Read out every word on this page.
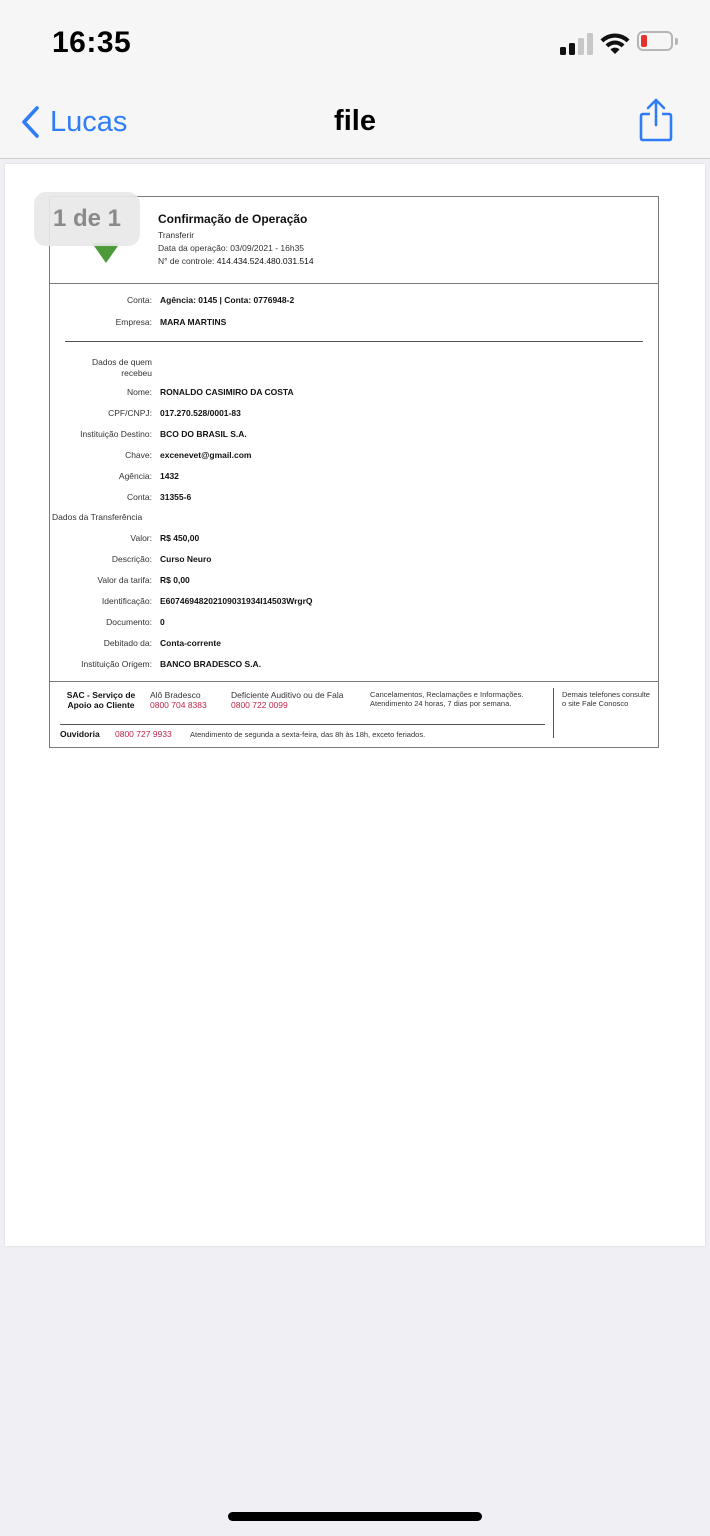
16:35
Lucas	file
Confirmação de Operação
Transferir
Data da operação: 03/09/2021 - 16h35
N° de controle: 414.434.524.480.031.514
Conta: Agência: 0145 | Conta: 0776948-2
Empresa: MARA MARTINS
Dados de quem recebeu
Nome: RONALDO CASIMIRO DA COSTA
CPF/CNPJ: 017.270.528/0001-83
Instituição Destino: BCO DO BRASIL S.A.
Chave: excenevet@gmail.com
Agência: 1432
Conta: 31355-6
Dados da Transferência
Valor: R$ 450,00
Descrição: Curso Neuro
Valor da tarifa: R$ 0,00
Identificação: E60746948202109031934I14503WrgrQ
Documento: 0
Debitado da: Conta-corrente
Instituição Origem: BANCO BRADESCO S.A.
SAC - Serviço de
Apoio ao Cliente
Alô Bradesco
0800 704 8383
Deficiente Auditivo ou de Fala
0800 722 0099
Cancelamentos, Reclamações e Informações. Atendimento 24 horas, 7 dias por semana.
Demais telefones consulte o site Fale Conosco
Ouvidoria 0800 727 9933 Atendimento de segunda a sexta-feira, das 8h às 18h, exceto feriados.
1 de 1
